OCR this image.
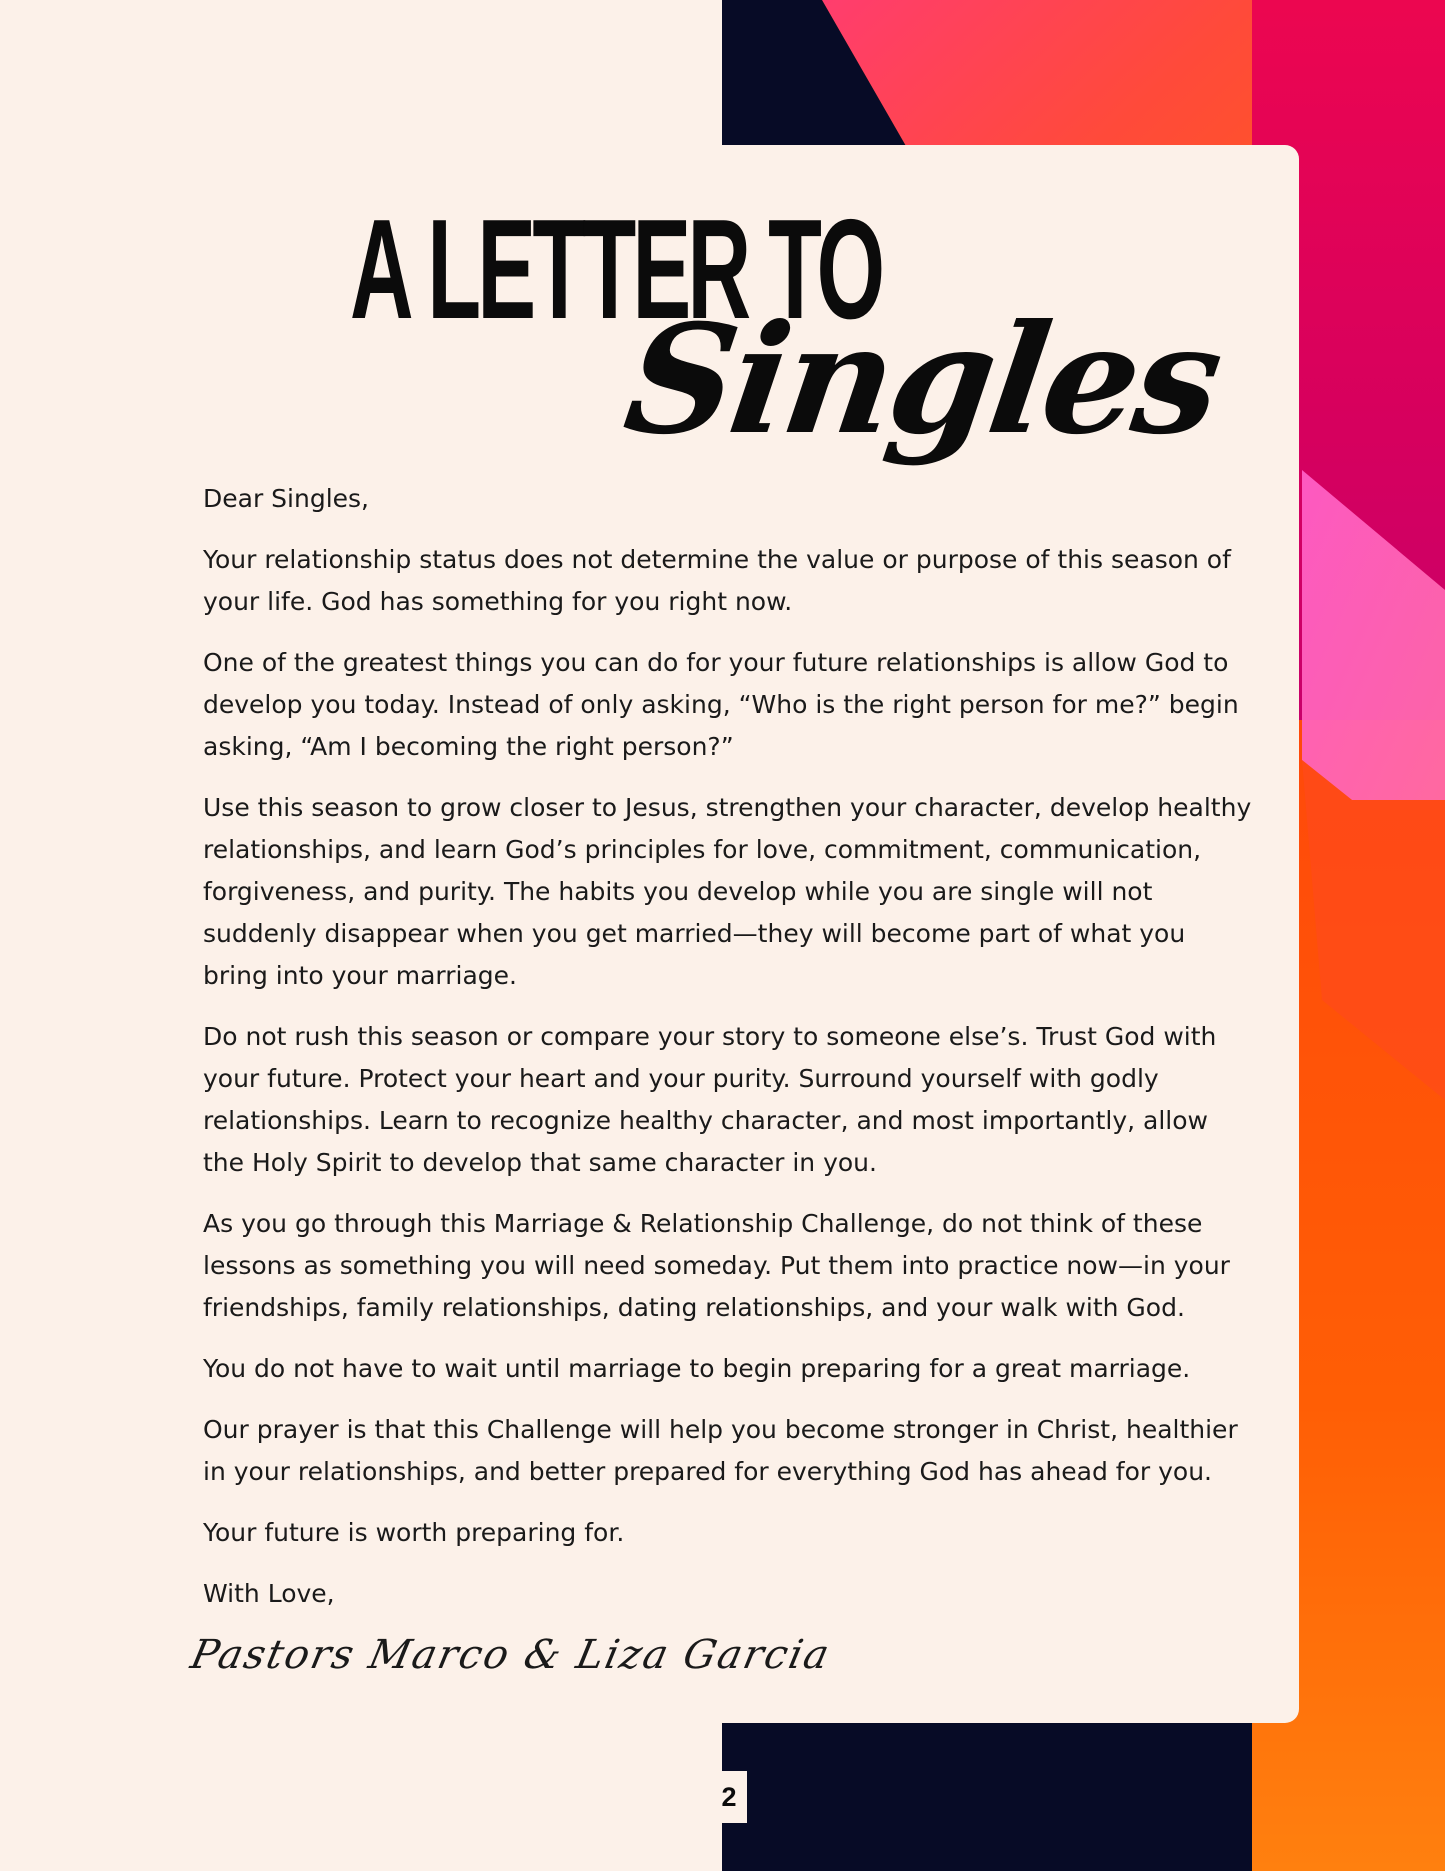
A LETTER TO
Singles

Dear Singles,

Your relationship status does not determine the value or purpose of this season of your life. God has something for you right now.

One of the greatest things you can do for your future relationships is allow God to develop you today. Instead of only asking, “Who is the right person for me?” begin asking, “Am I becoming the right person?”

Use this season to grow closer to Jesus, strengthen your character, develop healthy relationships, and learn God’s principles for love, commitment, communication, forgiveness, and purity. The habits you develop while you are single will not suddenly disappear when you get married—they will become part of what you bring into your marriage.

Do not rush this season or compare your story to someone else’s. Trust God with your future. Protect your heart and your purity. Surround yourself with godly relationships. Learn to recognize healthy character, and most importantly, allow the Holy Spirit to develop that same character in you.

As you go through this Marriage & Relationship Challenge, do not think of these lessons as something you will need someday. Put them into practice now—in your friendships, family relationships, dating relationships, and your walk with God.

You do not have to wait until marriage to begin preparing for a great marriage.

Our prayer is that this Challenge will help you become stronger in Christ, healthier in your relationships, and better prepared for everything God has ahead for you.

Your future is worth preparing for.

With Love,

Pastors Marco & Liza Garcia
2
